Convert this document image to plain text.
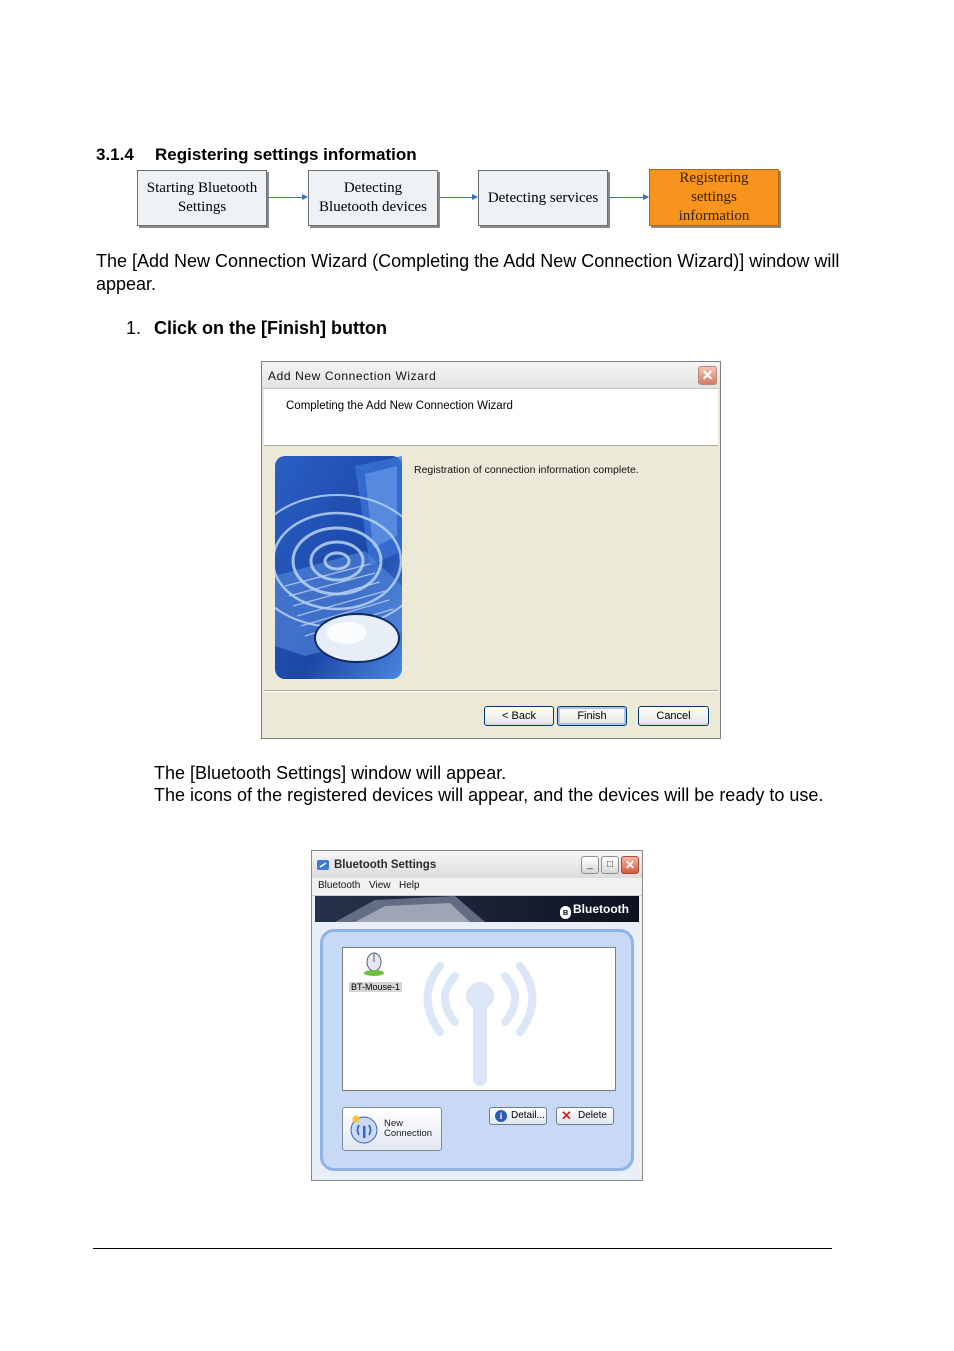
3.1.4 Registering settings information
Starting Bluetooth
Settings
Detecting
Bluetooth devices
Detecting services
Registering
settings
information
The [Add New Connection Wizard (Completing the Add New Connection Wizard)] window will appear.
1. Click on the [Finish] button
Add New Connection Wizard	✕
Completing the Add New Connection Wizard
Registration of connection information complete.
< Back	Finish	Cancel
The [Bluetooth Settings] window will appear.
The icons of the registered devices will appear, and the devices will be ready to use.
Bluetooth Settings	_	□ ✕
Bluetooth View Help
ʙ Bluetooth
BT-Mouse-1
New
Connection
i Detail... ✕ Delete
